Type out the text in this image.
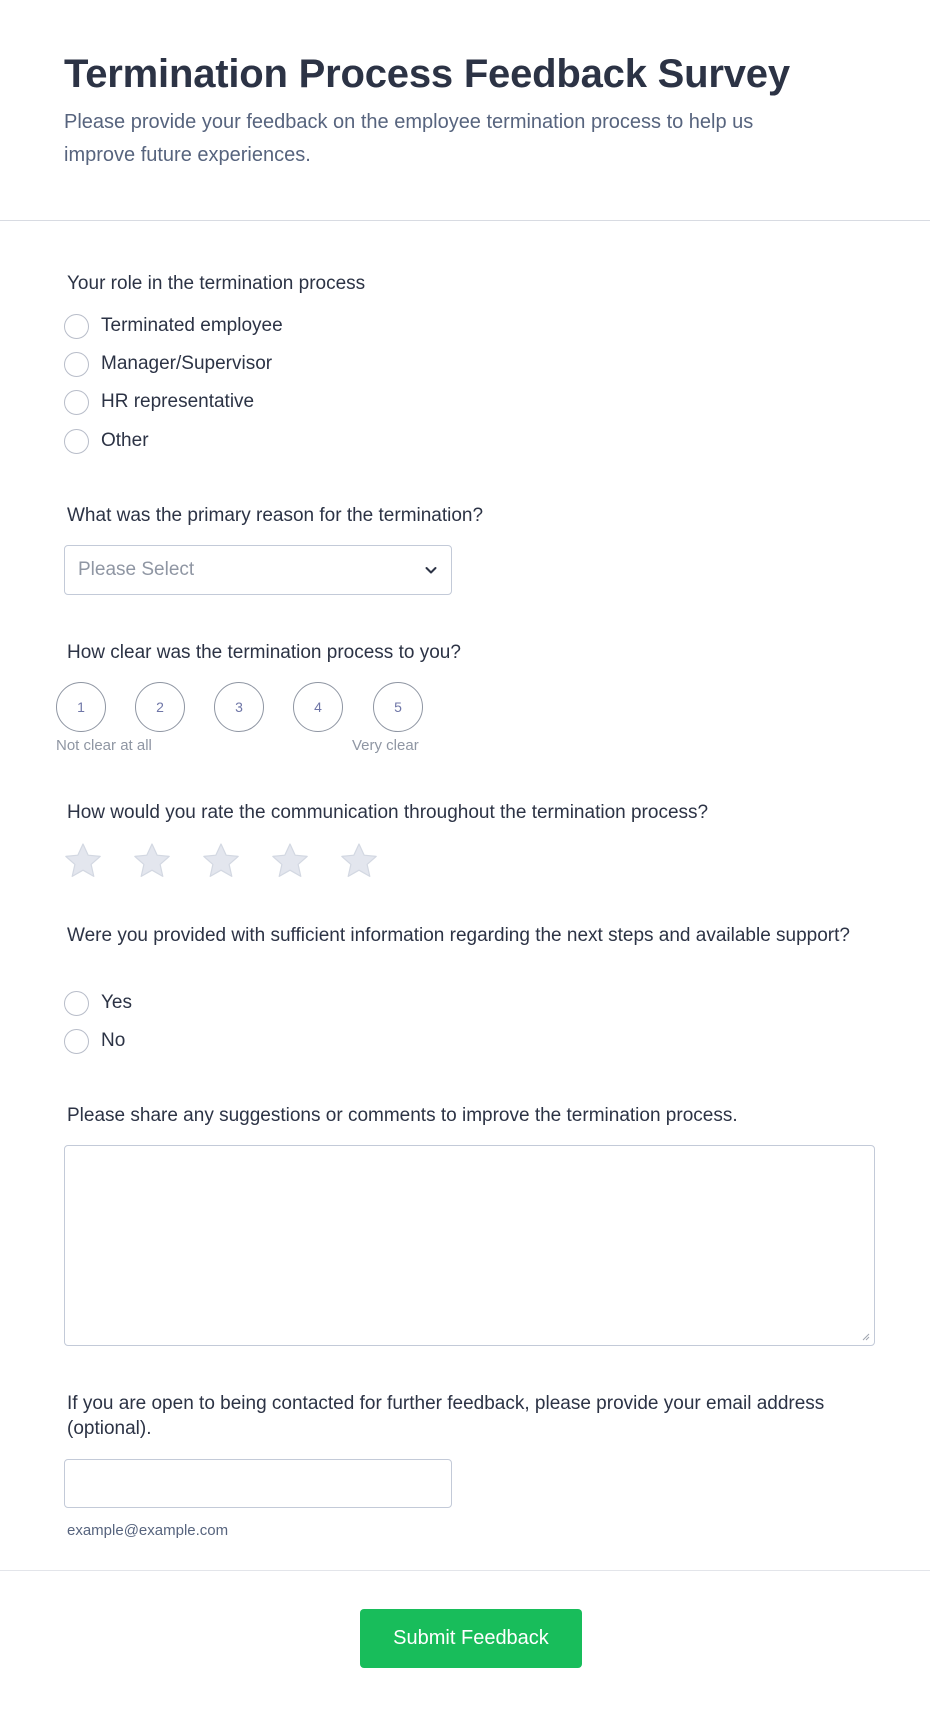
Termination Process Feedback Survey
Please provide your feedback on the employee termination process to help us improve future experiences.
Your role in the termination process
Terminated employee
Manager/Supervisor
HR representative
Other
What was the primary reason for the termination?
Please Select
How clear was the termination process to you?
1	2	3	4	5
Not clear at all	Very clear
How would you rate the communication throughout the termination process?
Were you provided with sufficient information regarding the next steps and available support?
Yes
No
Please share any suggestions or comments to improve the termination process.
If you are open to being contacted for further feedback, please provide your email address (optional).
example@example.com
Submit Feedback
